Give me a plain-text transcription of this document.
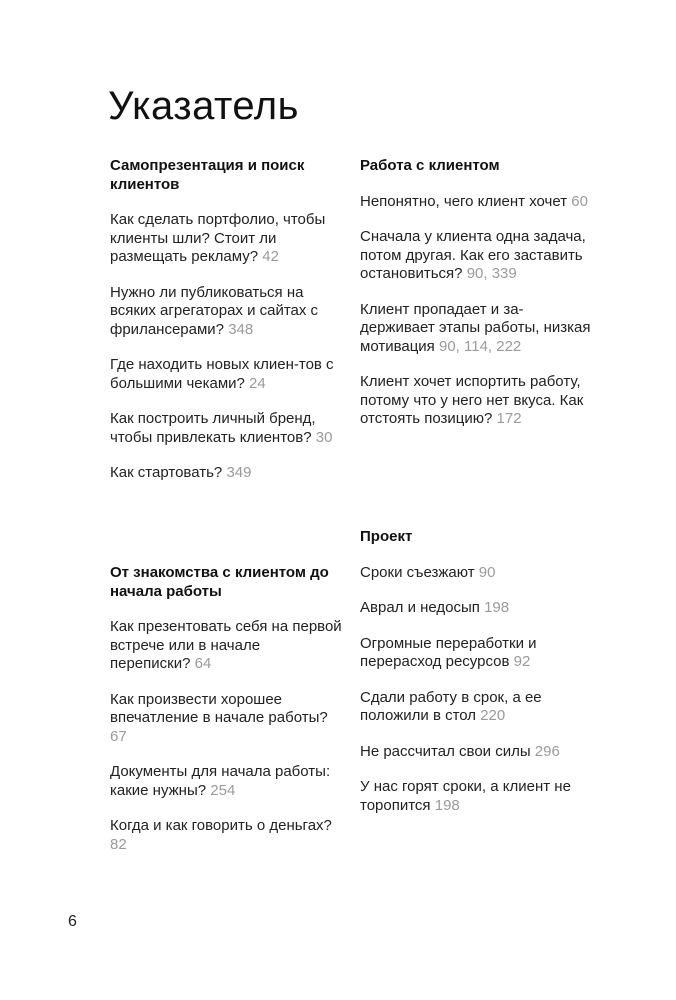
Указатель
Самопрезентация и поиск клиентов
Как сделать портфолио, чтобы клиенты шли? Стоит ли размещать рекламу? 42
Нужно ли публиковаться на всяких агрегаторах и сайтах с фрилансерами? 348
Где находить новых клиен-тов с большими чеками? 24
Как построить личный бренд, чтобы привлекать клиентов? 30
Как стартовать? 349
От знакомства с клиентом до начала работы
Как презентовать себя на первой встрече или в начале переписки? 64
Как произвести хорошее впечатление в начале работы? 67
Документы для начала работы: какие нужны? 254
Когда и как говорить о деньгах? 82
Работа с клиентом
Непонятно, чего клиент хочет 60
Сначала у клиента одна задача, потом другая. Как его заставить остановиться? 90, 339
Клиент пропадает и за-держивает этапы работы, низкая мотивация 90, 114, 222
Клиент хочет испортить работу, потому что у него нет вкуса. Как отстоять позицию? 172
Проект
Сроки съезжают 90
Аврал и недосып 198
Огромные переработки и перерасход ресурсов 92
Сдали работу в срок, а ее положили в стол 220
Не рассчитал свои силы 296
У нас горят сроки, а клиент не торопится 198
6
